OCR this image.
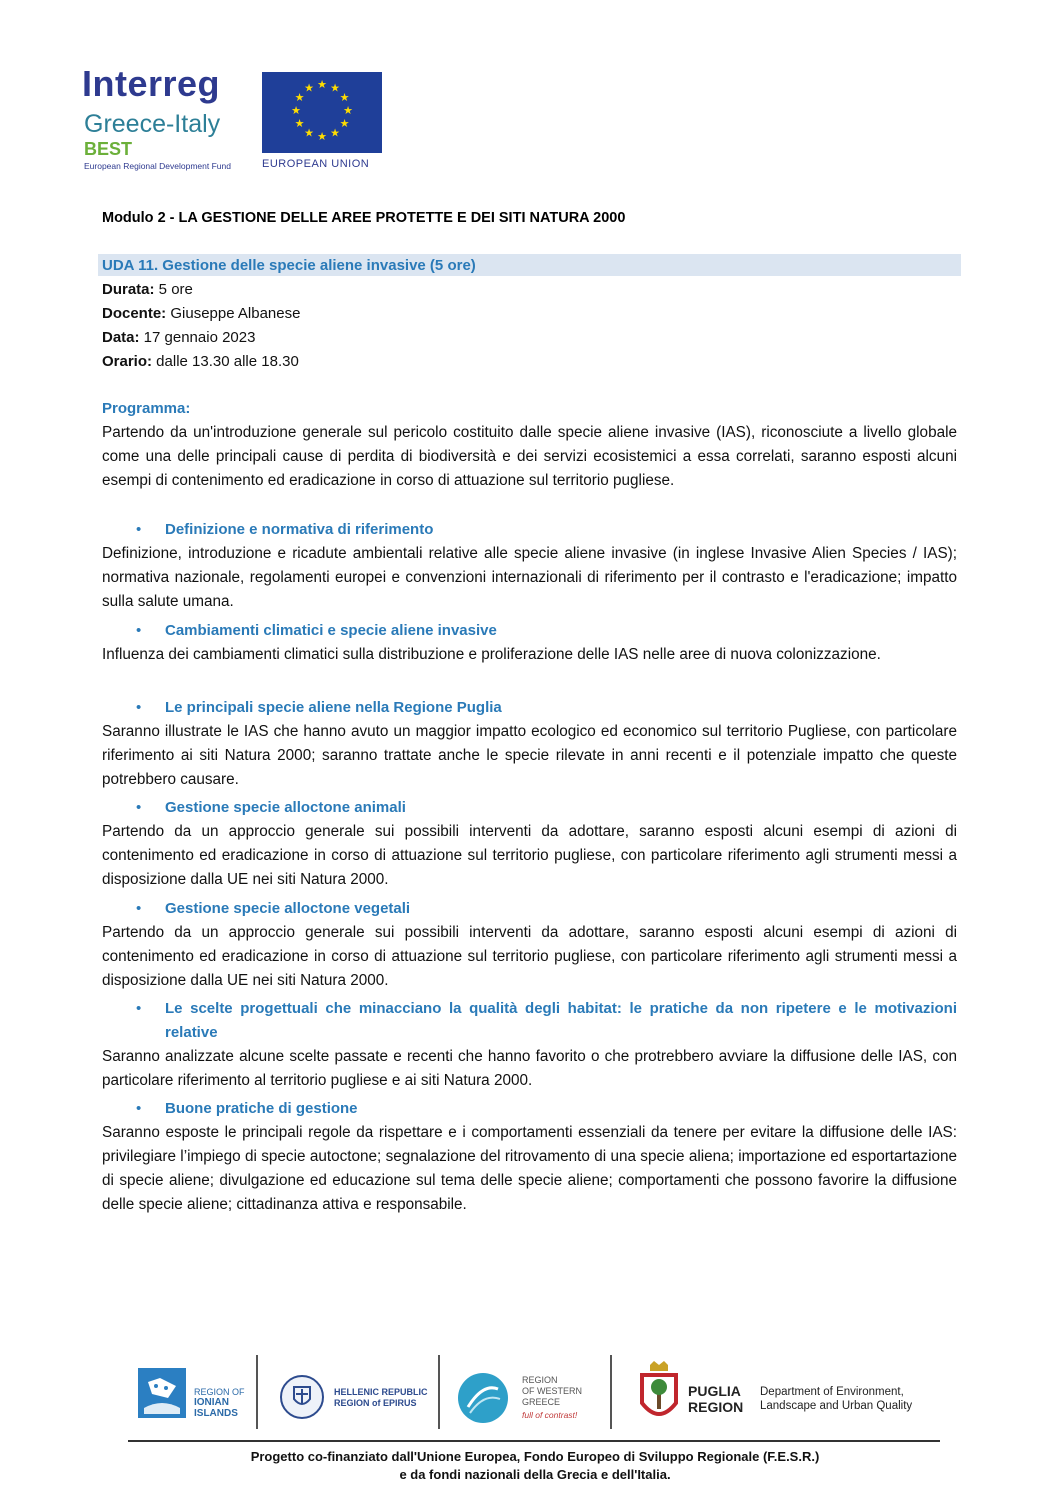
Interreg
Greece-Italy
BEST
European Regional Development Fund
★ ★
★
★
★
★
★
★
★
★
★
★
EUROPEAN UNION
Modulo 2 - LA GESTIONE DELLE AREE PROTETTE E DEI SITI NATURA 2000
UDA 11. Gestione delle specie aliene invasive (5 ore)
Durata: 5 ore
Docente: Giuseppe Albanese
Data: 17 gennaio 2023
Orario: dalle 13.30 alle 18.30
Programma:
Partendo da un'introduzione generale sul pericolo costituito dalle specie aliene invasive (IAS), riconosciute a livello globale come una delle principali cause di perdita di biodiversità e dei servizi ecosistemici a essa correlati, saranno esposti alcuni esempi di contenimento ed eradicazione in corso di attuazione sul territorio pugliese.
•	Definizione e normativa di riferimento
Definizione, introduzione e ricadute ambientali relative alle specie aliene invasive (in inglese Invasive Alien Species / IAS); normativa nazionale, regolamenti europei e convenzioni internazionali di riferimento per il contrasto e l'eradicazione; impatto sulla salute umana.
•	Cambiamenti climatici e specie aliene invasive
Influenza dei cambiamenti climatici sulla distribuzione e proliferazione delle IAS nelle aree di nuova colonizzazione.
•	Le principali specie aliene nella Regione Puglia
Saranno illustrate le IAS che hanno avuto un maggior impatto ecologico ed economico sul territorio Pugliese, con particolare riferimento ai siti Natura 2000; saranno trattate anche le specie rilevate in anni recenti e il potenziale impatto che queste potrebbero causare.
•	Gestione specie alloctone animali
Partendo da un approccio generale sui possibili interventi da adottare, saranno esposti alcuni esempi di azioni di contenimento ed eradicazione in corso di attuazione sul territorio pugliese, con particolare riferimento agli strumenti messi a disposizione dalla UE nei siti Natura 2000.
•	Gestione specie alloctone vegetali
Partendo da un approccio generale sui possibili interventi da adottare, saranno esposti alcuni esempi di azioni di contenimento ed eradicazione in corso di attuazione sul territorio pugliese, con particolare riferimento agli strumenti messi a disposizione dalla UE nei siti Natura 2000.
•	Le scelte progettuali che minacciano la qualità degli habitat: le pratiche da non ripetere e le motivazioni relative
Saranno analizzate alcune scelte passate e recenti che hanno favorito o che protrebbero avviare la diffusione delle IAS, con particolare riferimento al territorio pugliese e ai siti Natura 2000.
•	Buone pratiche di gestione
Saranno esposte le principali regole da rispettare e i comportamenti essenziali da tenere per evitare la diffusione delle IAS: privilegiare l’impiego di specie autoctone; segnalazione del ritrovamento di una specie aliena; importazione ed esportartazione di specie aliene; divulgazione ed educazione sul tema delle specie aliene; comportamenti che possono favorire la diffusione delle specie aliene; cittadinanza attiva e responsabile.
REGION OF
IONIAN
ISLANDS
HELLENIC REPUBLIC
REGION of EPIRUS
REGION
OF WESTERN
GREECE
full of contrast!
PUGLIA
REGION
Department of Environment,
Landscape and Urban Quality
Progetto co-finanziato dall'Unione Europea, Fondo Europeo di Sviluppo Regionale (F.E.S.R.)
e da fondi nazionali della Grecia e dell'Italia.
